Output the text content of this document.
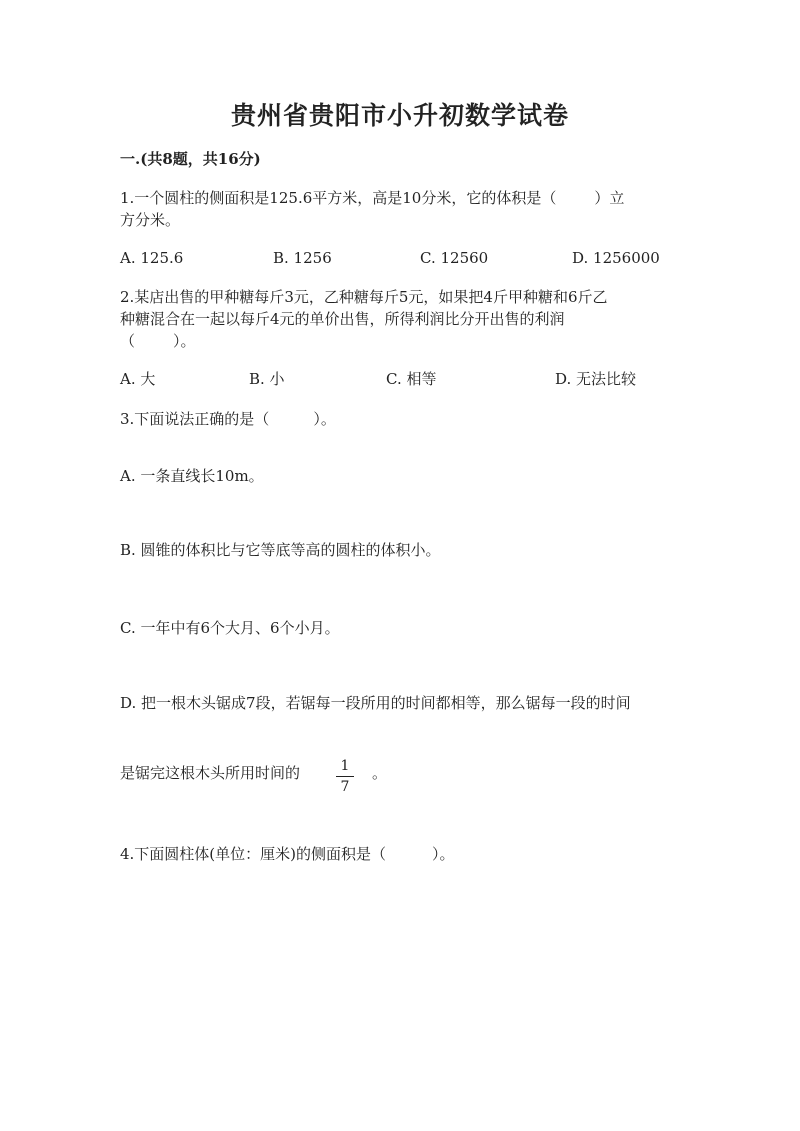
贵州省贵阳市小升初数学试卷
一.(共8题，共16分)
1.一个圆柱的侧面积是125.6平方米，高是10分米，它的体积是（	）立
方分米。
A. 125.6	B. 1256	C. 12560	D. 1256000
2.某店出售的甲种糖每斤3元，乙种糖每斤5元，如果把4斤甲种糖和6斤乙
种糖混合在一起以每斤4元的单价出售，所得利润比分开出售的利润
（	）。
A. 大	B. 小	C. 相等	D. 无法比较
3.下面说法正确的是（	）。
A. 一条直线长10m。
B. 圆锥的体积比与它等底等高的圆柱的体积小。
C. 一年中有6个大月、6个小月。
D. 把一根木头锯成7段，若锯每一段所用的时间都相等，那么锯每一段的时间
是锯完这根木头所用时间的	1
7
。
4.下面圆柱体(单位：厘米)的侧面积是（	）。
